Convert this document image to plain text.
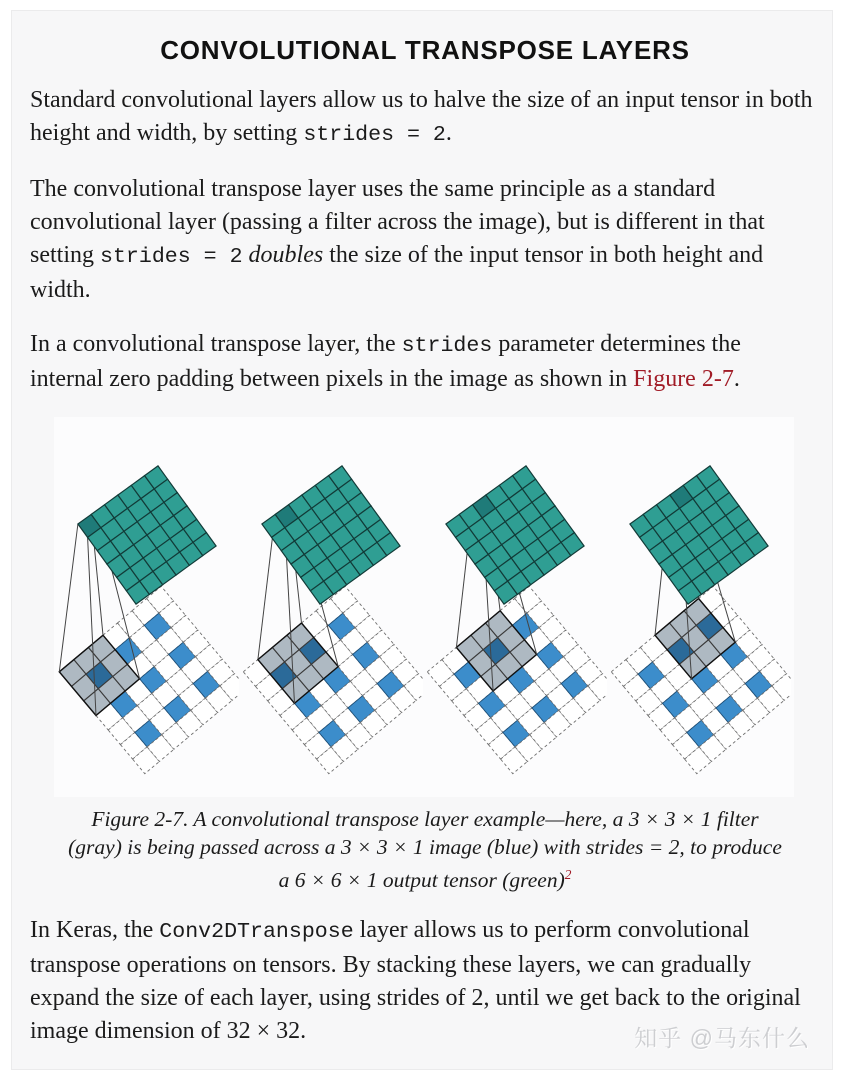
CONVOLUTIONAL TRANSPOSE LAYERS

Standard convolutional layers allow us to halve the size of an input tensor in both height and width, by setting strides = 2.

The convolutional transpose layer uses the same principle as a standard convolutional layer (passing a filter across the image), but is different in that setting strides = 2 doubles the size of the input tensor in both height and width.

In a convolutional transpose layer, the strides parameter determines the internal zero padding between pixels in the image as shown in Figure 2-7.

Figure 2-7. A convolutional transpose layer example—here, a 3 × 3 × 1 filter (gray) is being passed across a 3 × 3 × 1 image (blue) with strides = 2, to produce a 6 × 6 × 1 output tensor (green)$^2$

In Keras, the Conv2DTranspose layer allows us to perform convolutional transpose operations on tensors. By stacking these layers, we can gradually expand the size of each layer, using strides of 2, until we get back to the original image dimension of 32 × 32.	知乎 @马东什么
